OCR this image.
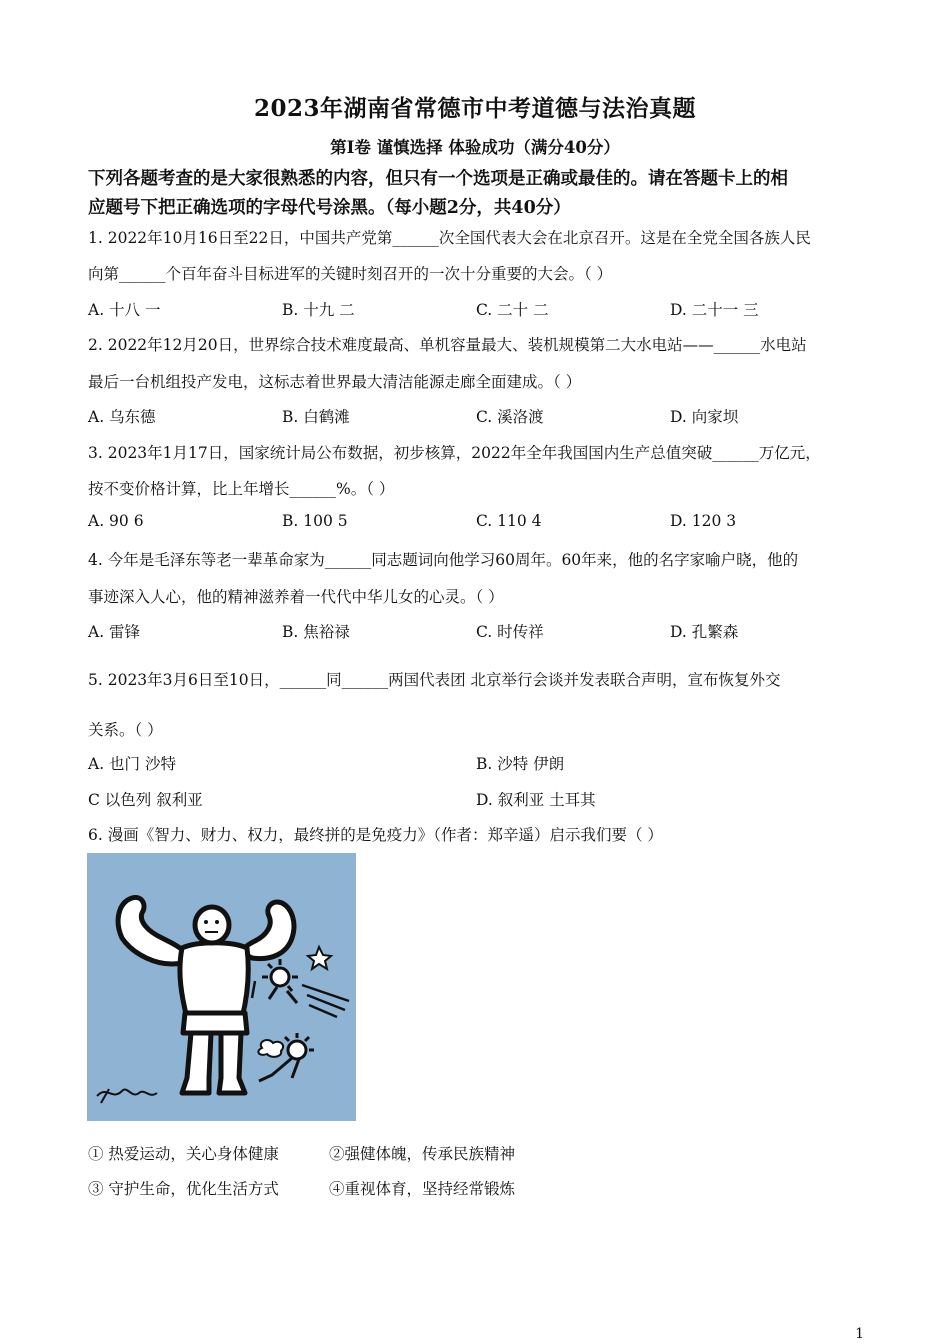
2023年湖南省常德市中考道德与法治真题
第Ⅰ卷 谨慎选择 体验成功（满分40分）
下列各题考查的是大家很熟悉的内容，但只有一个选项是正确或最佳的。请在答题卡上的相
应题号下把正确选项的字母代号涂黑。（每小题2分，共40分）
1. 2022年10月16日至22日，中国共产党第______次全国代表大会在北京召开。这是在全党全国各族人民
向第______个百年奋斗目标进军的关键时刻召开的一次十分重要的大会。（ ）
A. 十八 一	B. 十九 二	C. 二十 二	D. 二十一 三
2. 2022年12月20日，世界综合技术难度最高、单机容量最大、装机规模第二大水电站——______水电站
最后一台机组投产发电，这标志着世界最大清洁能源走廊全面建成。（ ）
A. 乌东德	B. 白鹤滩	C. 溪洛渡	D. 向家坝
3. 2023年1月17日，国家统计局公布数据，初步核算，2022年全年我国国内生产总值突破______万亿元，
按不变价格计算，比上年增长______%。（ ）
A. 90 6	B. 100 5	C. 110 4	D. 120 3
4. 今年是毛泽东等老一辈革命家为______同志题词向他学习60周年。60年来，他的名字家喻户晓，他的
事迹深入人心，他的精神滋养着一代代中华儿女的心灵。（ ）
A. 雷锋	B. 焦裕禄	C. 时传祥	D. 孔繁森
5. 2023年3月6日至10日，______同______两国代表团 北京举行会谈并发表联合声明，宣布恢复外交
关系。（ ）
A. 也门 沙特	B. 沙特 伊朗
C 以色列 叙利亚	D. 叙利亚 土耳其
6. 漫画《智力、财力、权力，最终拼的是免疫力》（作者：郑辛遥）启示我们要（ ）
① 热爱运动，关心身体健康	②强健体魄，传承民族精神
③ 守护生命，优化生活方式	④重视体育，坚持经常锻炼
1
